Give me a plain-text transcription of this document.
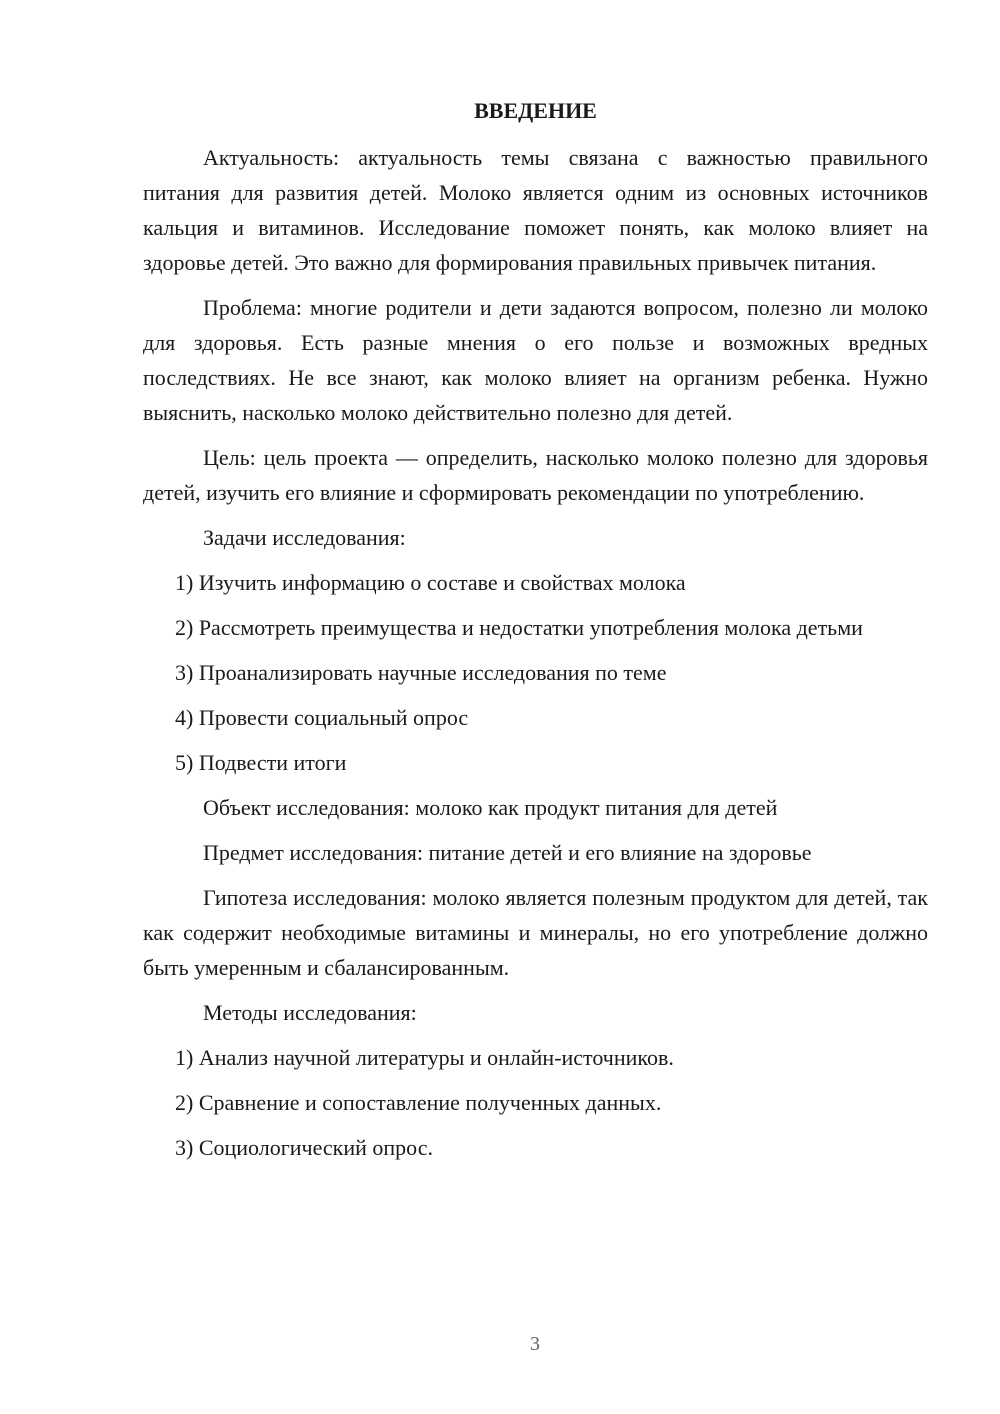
ВВЕДЕНИЕ

Актуальность: актуальность темы связана с важностью правильного питания для развития детей. Молоко является одним из основных источников кальция и витаминов. Исследование поможет понять, как молоко влияет на здоровье детей. Это важно для формирования правильных привычек питания.

Проблема: многие родители и дети задаются вопросом, полезно ли молоко для здоровья. Есть разные мнения о его пользе и возможных вредных последствиях. Не все знают, как молоко влияет на организм ребенка. Нужно выяснить, насколько молоко действительно полезно для детей.

Цель: цель проекта — определить, насколько молоко полезно для здоровья детей, изучить его влияние и сформировать рекомендации по употреблению.

Задачи исследования:

1) Изучить информацию о составе и свойствах молока

2) Рассмотреть преимущества и недостатки употребления молока детьми

3) Проанализировать научные исследования по теме

4) Провести социальный опрос

5) Подвести итоги

Объект исследования: молоко как продукт питания для детей

Предмет исследования: питание детей и его влияние на здоровье

Гипотеза исследования: молоко является полезным продуктом для детей, так как содержит необходимые витамины и минералы, но его употребление должно быть умеренным и сбалансированным.

Методы исследования:

1) Анализ научной литературы и онлайн-источников.

2) Сравнение и сопоставление полученных данных.

3) Социологический опрос.

3
